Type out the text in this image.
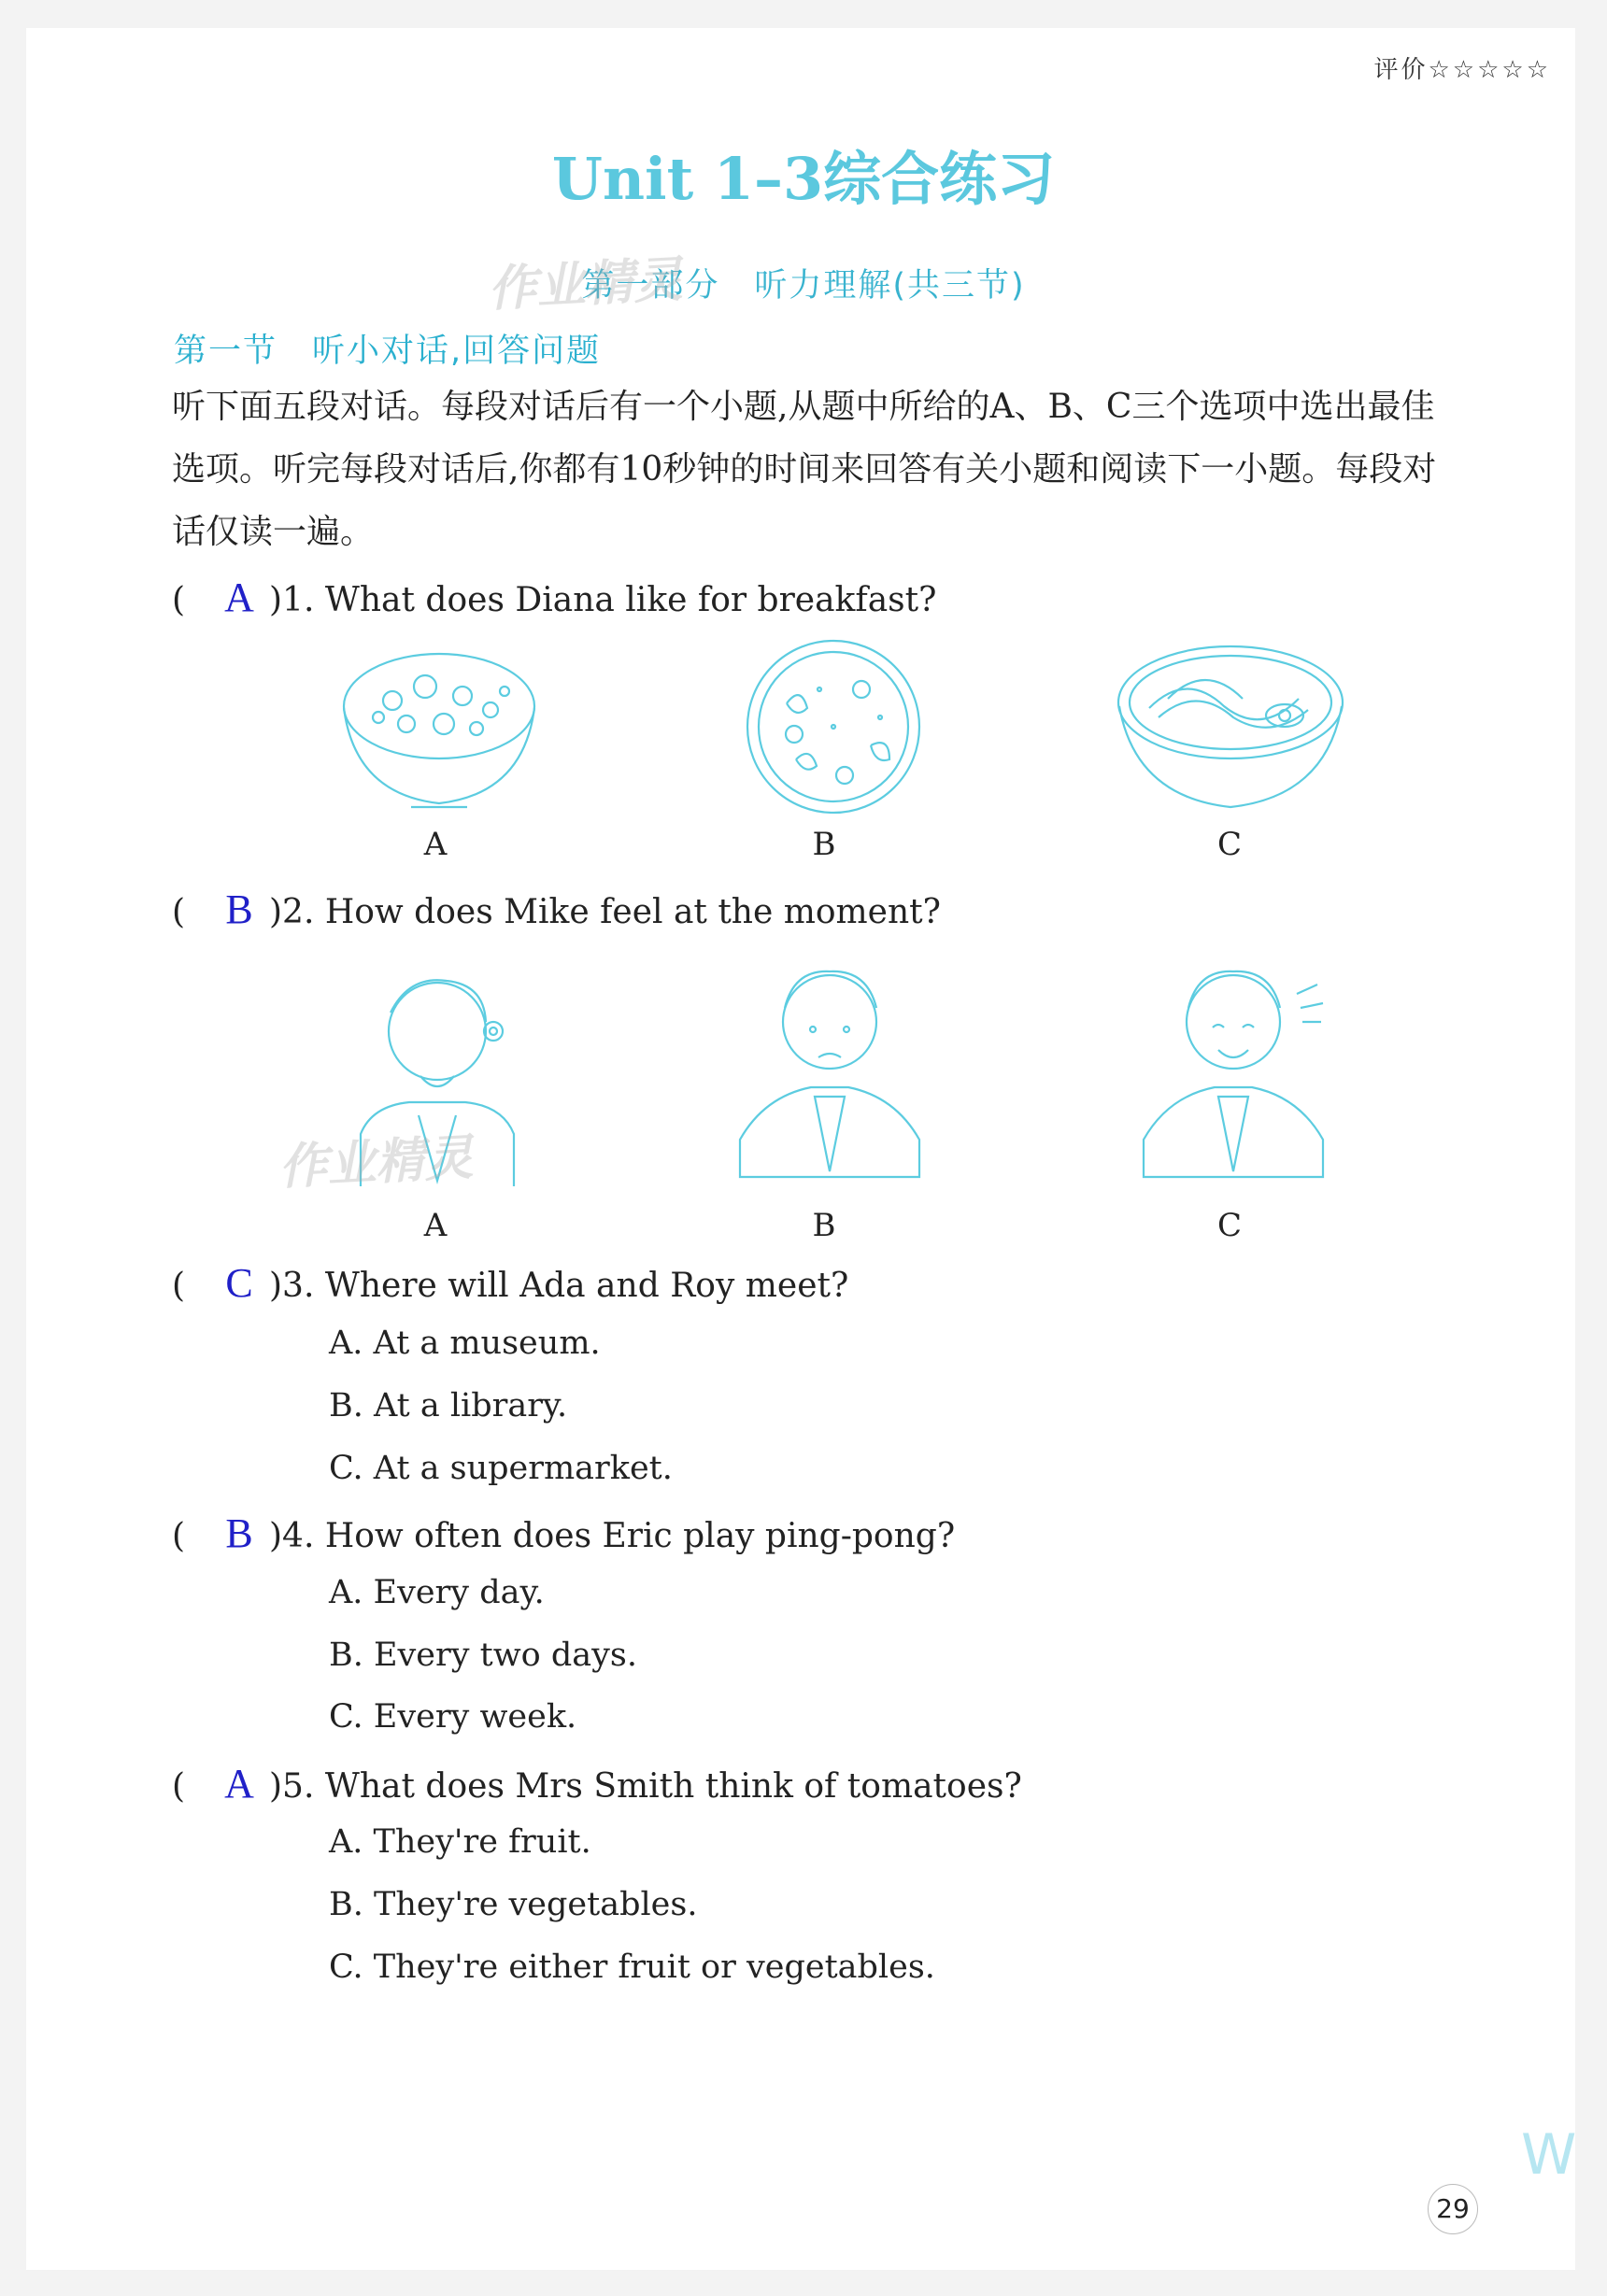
评价☆☆☆☆☆
Unit 1–3综合练习
第一部分　听力理解(共三节)
第一节　听小对话,回答问题
听下面五段对话。每段对话后有一个小题,从题中所给的A、B、C三个选项中选出最佳选项。听完每段对话后,你都有10秒钟的时间来回答有关小题和阅读下一小题。每段对话仅读一遍。
( A )1. What does Diana like for breakfast?
A	B	C
( B )2. How does Mike feel at the moment?
A	B	C
( C )3. Where will Ada and Roy meet?
A. At a museum.
B. At a library.
C. At a supermarket.
( B )4. How often does Eric play ping-pong?
A. Every day.
B. Every two days.
C. Every week.
( A )5. What does Mrs Smith think of tomatoes?
A. They're fruit.
B. They're vegetables.
C. They're either fruit or vegetables.
作业精灵
作业精灵
29
W
